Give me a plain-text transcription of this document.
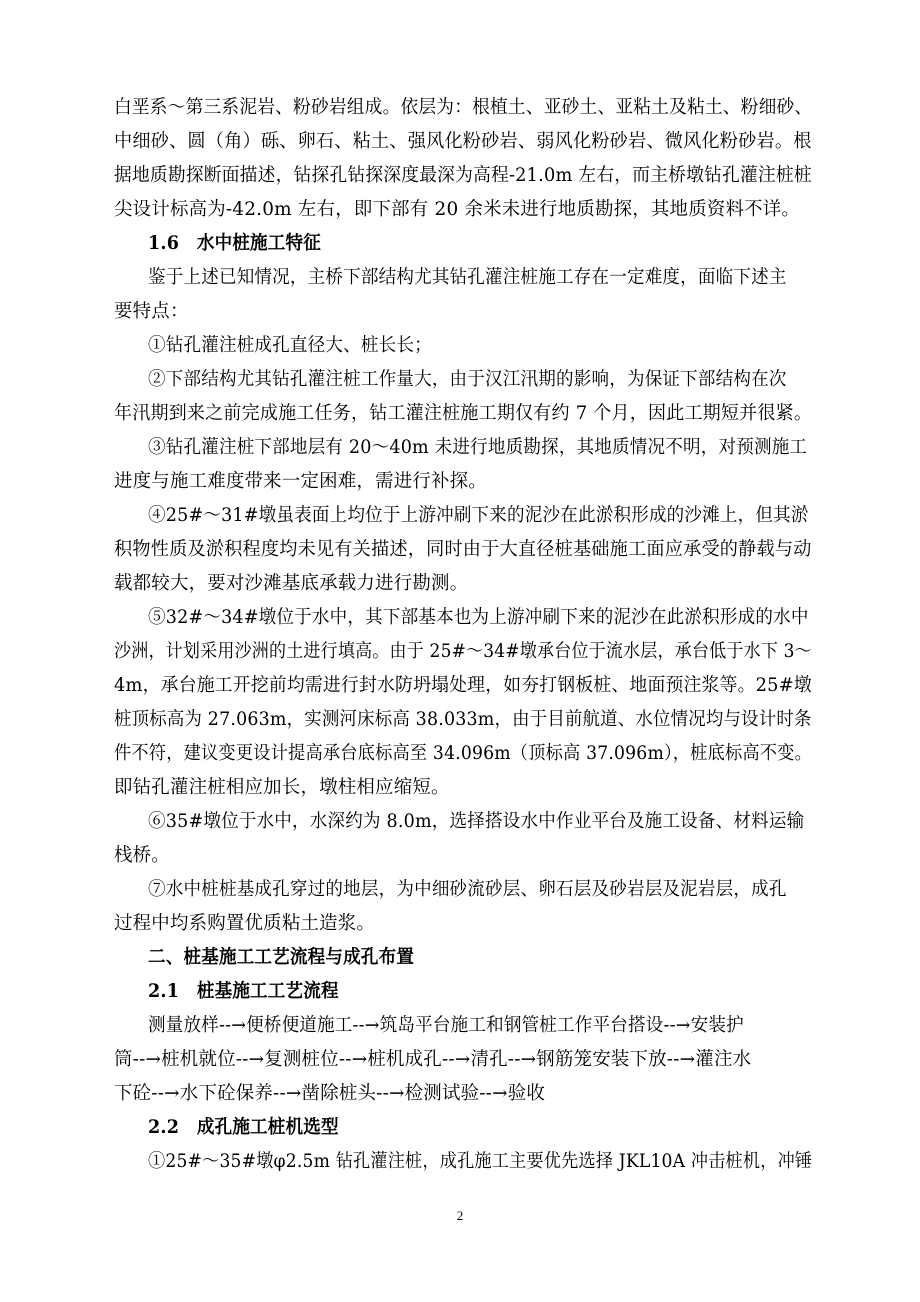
白垩系～第三系泥岩、粉砂岩组成。依层为：根植土、亚砂土、亚粘土及粘土、粉细砂、
中细砂、圆（角）砾、卵石、粘土、强风化粉砂岩、弱风化粉砂岩、微风化粉砂岩。根
据地质勘探断面描述，钻探孔钻探深度最深为高程-21.0m 左右，而主桥墩钻孔灌注桩桩
尖设计标高为-42.0m 左右，即下部有 20 余米未进行地质勘探，其地质资料不详。
1.6　水中桩施工特征
鉴于上述已知情况，主桥下部结构尤其钻孔灌注桩施工存在一定难度，面临下述主
要特点：
①钻孔灌注桩成孔直径大、桩长长；
②下部结构尤其钻孔灌注桩工作量大，由于汉江汛期的影响，为保证下部结构在次
年汛期到来之前完成施工任务，钻工灌注桩施工期仅有约 7 个月，因此工期短并很紧。
③钻孔灌注桩下部地层有 20～40m 未进行地质勘探，其地质情况不明，对预测施工
进度与施工难度带来一定困难，需进行补探。
④25#～31#墩虽表面上均位于上游冲刷下来的泥沙在此淤积形成的沙滩上，但其淤
积物性质及淤积程度均未见有关描述，同时由于大直径桩基础施工面应承受的静载与动
载都较大，要对沙滩基底承载力进行勘测。
⑤32#～34#墩位于水中，其下部基本也为上游冲刷下来的泥沙在此淤积形成的水中
沙洲，计划采用沙洲的土进行填高。由于 25#～34#墩承台位于流水层，承台低于水下 3～
4m，承台施工开挖前均需进行封水防坍塌处理，如夯打钢板桩、地面预注浆等。25#墩
桩顶标高为 27.063m，实测河床标高 38.033m，由于目前航道、水位情况均与设计时条
件不符，建议变更设计提高承台底标高至 34.096m（顶标高 37.096m），桩底标高不变。
即钻孔灌注桩相应加长，墩柱相应缩短。
⑥35#墩位于水中，水深约为 8.0m，选择搭设水中作业平台及施工设备、材料运输
栈桥。
⑦水中桩桩基成孔穿过的地层，为中细砂流砂层、卵石层及砂岩层及泥岩层，成孔
过程中均系购置优质粘土造浆。
二、桩基施工工艺流程与成孔布置
2.1　桩基施工工艺流程
测量放样--→便桥便道施工--→筑岛平台施工和钢管桩工作平台搭设--→安装护
筒--→桩机就位--→复测桩位--→桩机成孔--→清孔--→钢筋笼安装下放--→灌注水
下砼--→水下砼保养--→凿除桩头--→检测试验--→验收
2.2　成孔施工桩机选型
①25#～35#墩φ2.5m 钻孔灌注桩，成孔施工主要优先选择 JKL10A 冲击桩机，冲锤
2
